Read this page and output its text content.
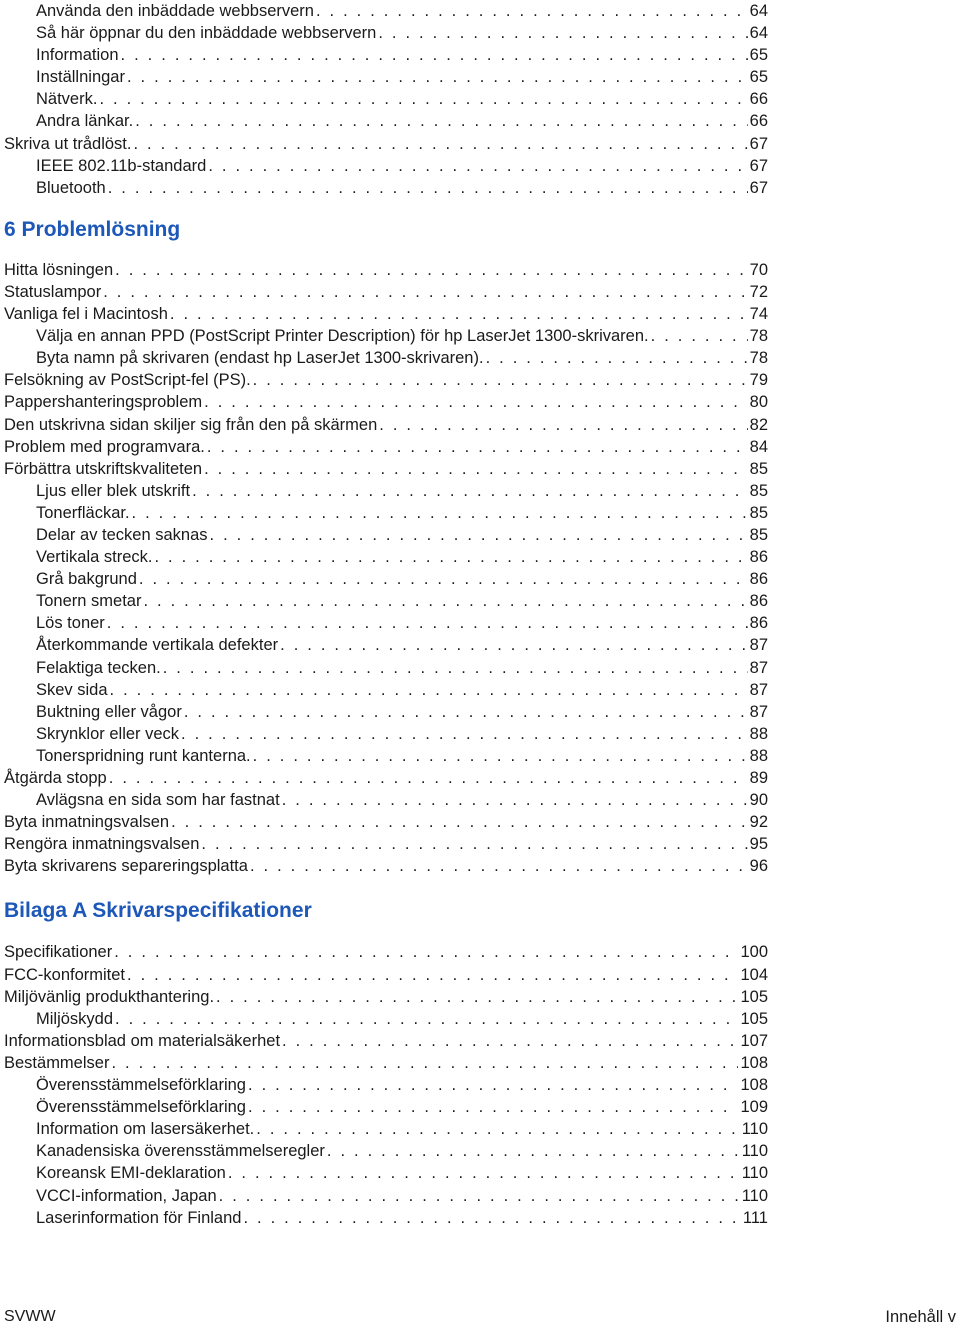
Använda den inbäddade webbservern . . .	64
Så här öppnar du den inbäddade webbservern . . .	64
Information . . .	65
Inställningar . . .	65
Nätverk. . . .	66
Andra länkar. . . .	66
Skriva ut trådlöst. . . .	67
IEEE 802.11b-standard . . .	67
Bluetooth . . .	67
6 Problemlösning
Hitta lösningen . . .	70
Statuslampor . . .	72
Vanliga fel i Macintosh . . .	74
Välja en annan PPD (PostScript Printer Description) för hp LaserJet 1300-skrivaren. . . .	78
Byta namn på skrivaren (endast hp LaserJet 1300-skrivaren). . . .	78
Felsökning av PostScript-fel (PS). . . .	79
Pappershanteringsproblem . . .	80
Den utskrivna sidan skiljer sig från den på skärmen . . .	82
Problem med programvara. . . .	84
Förbättra utskriftskvaliteten . . .	85
Ljus eller blek utskrift . . .	85
Tonerfläckar. . . .	85
Delar av tecken saknas . . .	85
Vertikala streck. . . .	86
Grå bakgrund . . .	86
Tonern smetar . . .	86
Lös toner . . .	86
Återkommande vertikala defekter . . .	87
Felaktiga tecken. . . .	87
Skev sida . . .	87
Buktning eller vågor . . .	87
Skrynklor eller veck . . .	88
Tonerspridning runt kanterna. . . .	88
Åtgärda stopp . . .	89
Avlägsna en sida som har fastnat . . .	90
Byta inmatningsvalsen . . .	92
Rengöra inmatningsvalsen . . .	95
Byta skrivarens separeringsplatta . . .	96
Bilaga A Skrivarspecifikationer
Specifikationer . . .	100
FCC-konformitet . . .	104
Miljövänlig produkthantering. . . .	105
Miljöskydd . . .	105
Informationsblad om materialsäkerhet . . .	107
Bestämmelser . . .	108
Överensstämmelseförklaring . . .	108
Överensstämmelseförklaring . . .	109
Information om lasersäkerhet. . . .	110
Kanadensiska överensstämmelseregler . . .	110
Koreansk EMI-deklaration . . .	110
VCCI-information, Japan . . .	110
Laserinformation för Finland . . .	111
SVWW	Innehåll v
